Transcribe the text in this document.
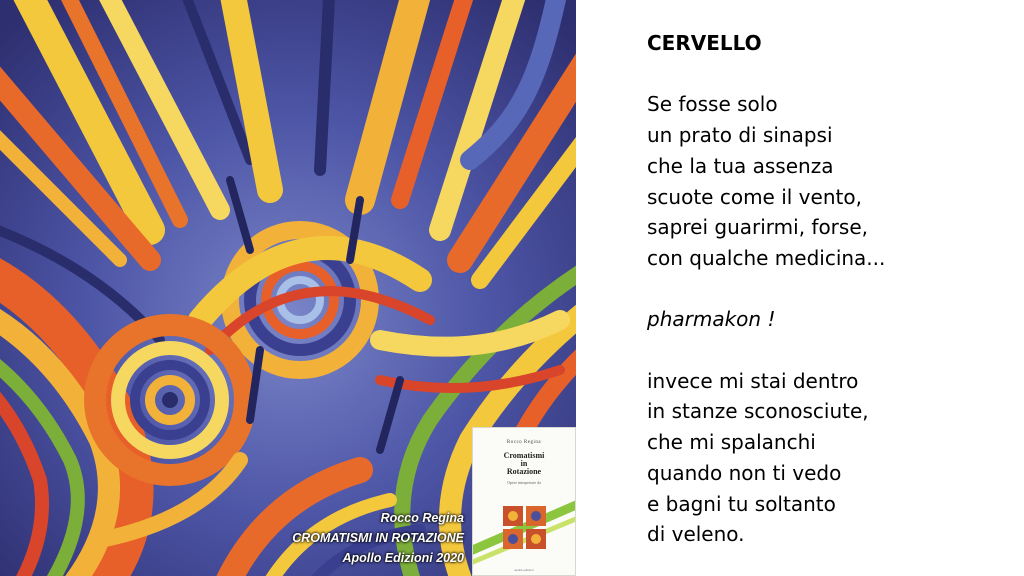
Rocco Regina
CROMATISMI IN ROTAZIONE
Apollo Edizioni 2020
Rocco Regina
Cromatismi
in
Rotazione
Opere interpretate da
apollo edizioni
CERVELLO
Se fosse solo
un prato di sinapsi
che la tua assenza
scuote come il vento,
saprei guarirmi, forse,
con qualche medicina...
pharmakon !
invece mi stai dentro
in stanze sconosciute,
che mi spalanchi
quando non ti vedo
e bagni tu soltanto
di veleno.
